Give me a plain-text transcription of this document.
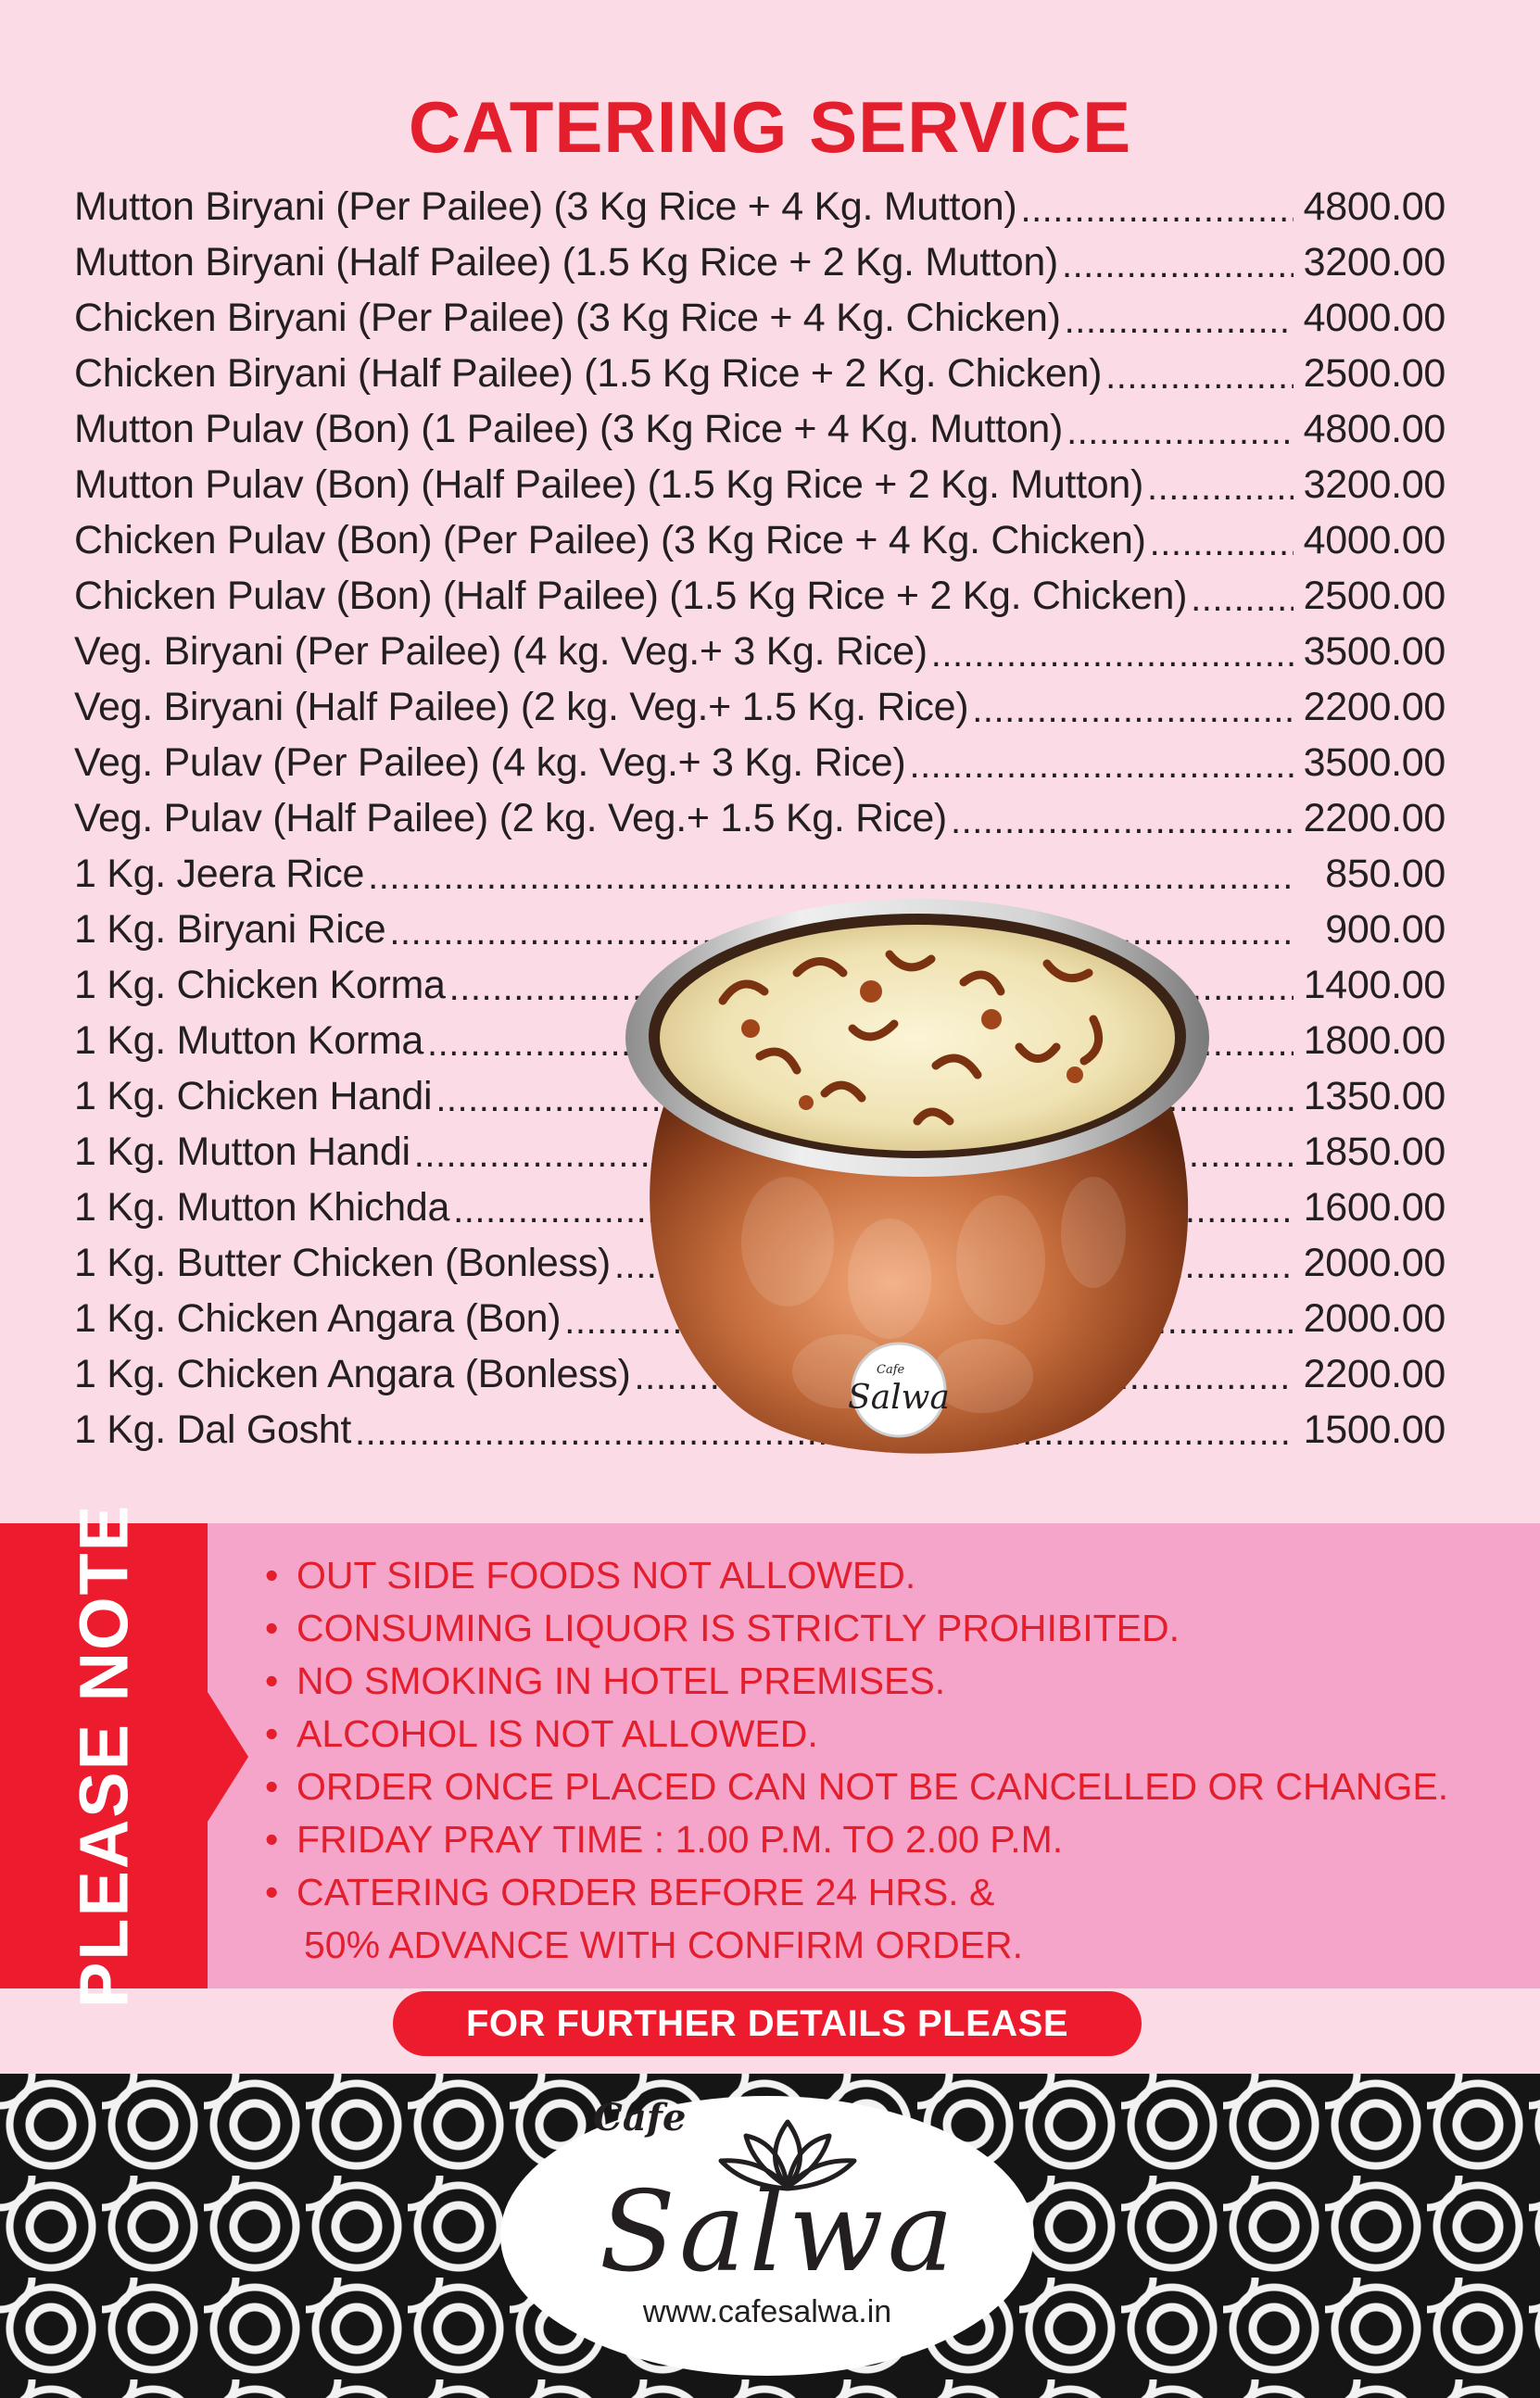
CATERING SERVICE
Mutton Biryani (Per Pailee) (3 Kg Rice + 4 Kg. Mutton) .....	4800.00
Mutton Biryani (Half Pailee) (1.5 Kg Rice + 2 Kg. Mutton) .....	3200.00
Chicken Biryani (Per Pailee) (3 Kg Rice + 4 Kg. Chicken) .....	4000.00
Chicken Biryani (Half Pailee) (1.5 Kg Rice + 2 Kg. Chicken) .....	2500.00
Mutton Pulav (Bon) (1 Pailee) (3 Kg Rice + 4 Kg. Mutton) .....	4800.00
Mutton Pulav (Bon) (Half Pailee) (1.5 Kg Rice + 2 Kg. Mutton) .....	3200.00
Chicken Pulav (Bon) (Per Pailee) (3 Kg Rice + 4 Kg. Chicken) .....	4000.00
Chicken Pulav (Bon) (Half Pailee) (1.5 Kg Rice + 2 Kg. Chicken) .....	2500.00
Veg. Biryani (Per Pailee) (4 kg. Veg.+ 3 Kg. Rice) .....	3500.00
Veg. Biryani (Half Pailee) (2 kg. Veg.+ 1.5 Kg. Rice) .....	2200.00
Veg. Pulav (Per Pailee) (4 kg. Veg.+ 3 Kg. Rice) .....	3500.00
Veg. Pulav (Half Pailee) (2 kg. Veg.+ 1.5 Kg. Rice) .....	2200.00
1 Kg. Jeera Rice .....	850.00
1 Kg. Biryani Rice .....	900.00
1 Kg. Chicken Korma .....	1400.00
1 Kg. Mutton Korma .....	1800.00
1 Kg. Chicken Handi .....	1350.00
1 Kg. Mutton Handi .....	1850.00
1 Kg. Mutton Khichda .....	1600.00
1 Kg. Butter Chicken (Bonless) .....	2000.00
1 Kg. Chicken Angara (Bon) .....	2000.00
1 Kg. Chicken Angara (Bonless) .....	2200.00
1 Kg. Dal Gosht .....	1500.00
Cafe
Salwa
PLEASE NOTE	• OUT SIDE FOODS NOT ALLOWED.
• CONSUMING LIQUOR IS STRICTLY PROHIBITED.
• NO SMOKING IN HOTEL PREMISES.
• ALCOHOL IS NOT ALLOWED.
• ORDER ONCE PLACED CAN NOT BE CANCELLED OR CHANGE.
• FRIDAY PRAY TIME : 1.00 P.M. TO 2.00 P.M.
• CATERING ORDER BEFORE 24 HRS. &
50% ADVANCE WITH CONFIRM ORDER.
FOR FURTHER DETAILS PLEASE
Cafe
Salwa
www.cafesalwa.in
